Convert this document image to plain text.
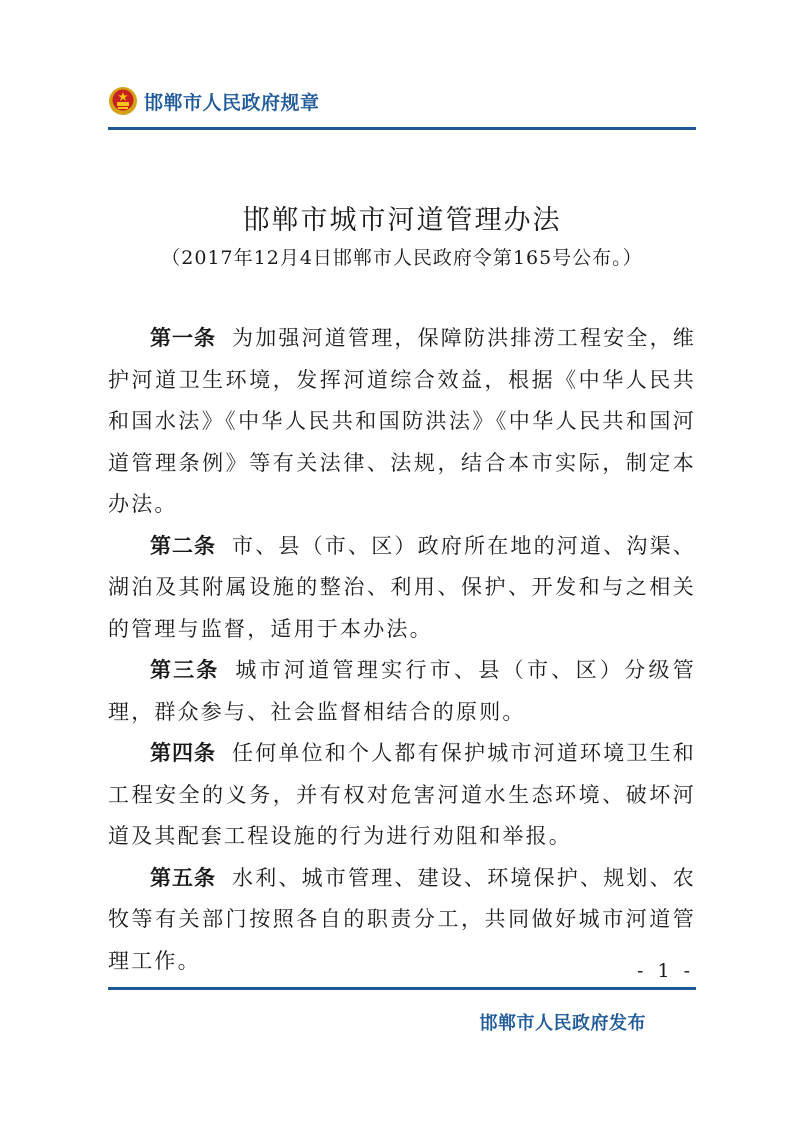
邯郸市人民政府规章
邯郸市城市河道管理办法
（2017年12月4日邯郸市人民政府令第165号公布。）

第一条 为加强河道管理，保障防洪排涝工程安全，维护河道卫生环境，发挥河道综合效益，根据《中华人民共和国水法》《中华人民共和国防洪法》《中华人民共和国河道管理条例》等有关法律、法规，结合本市实际，制定本办法。

第二条 市、县（市、区）政府所在地的河道、沟渠、湖泊及其附属设施的整治、利用、保护、开发和与之相关的管理与监督，适用于本办法。

第三条 城市河道管理实行市、县（市、区）分级管理，群众参与、社会监督相结合的原则。

第四条 任何单位和个人都有保护城市河道环境卫生和工程安全的义务，并有权对危害河道水生态环境、破坏河道及其配套工程设施的行为进行劝阻和举报。

第五条 水利、城市管理、建设、环境保护、规划、农牧等有关部门按照各自的职责分工，共同做好城市河道管理工作。	- 1 -
邯郸市人民政府发布
